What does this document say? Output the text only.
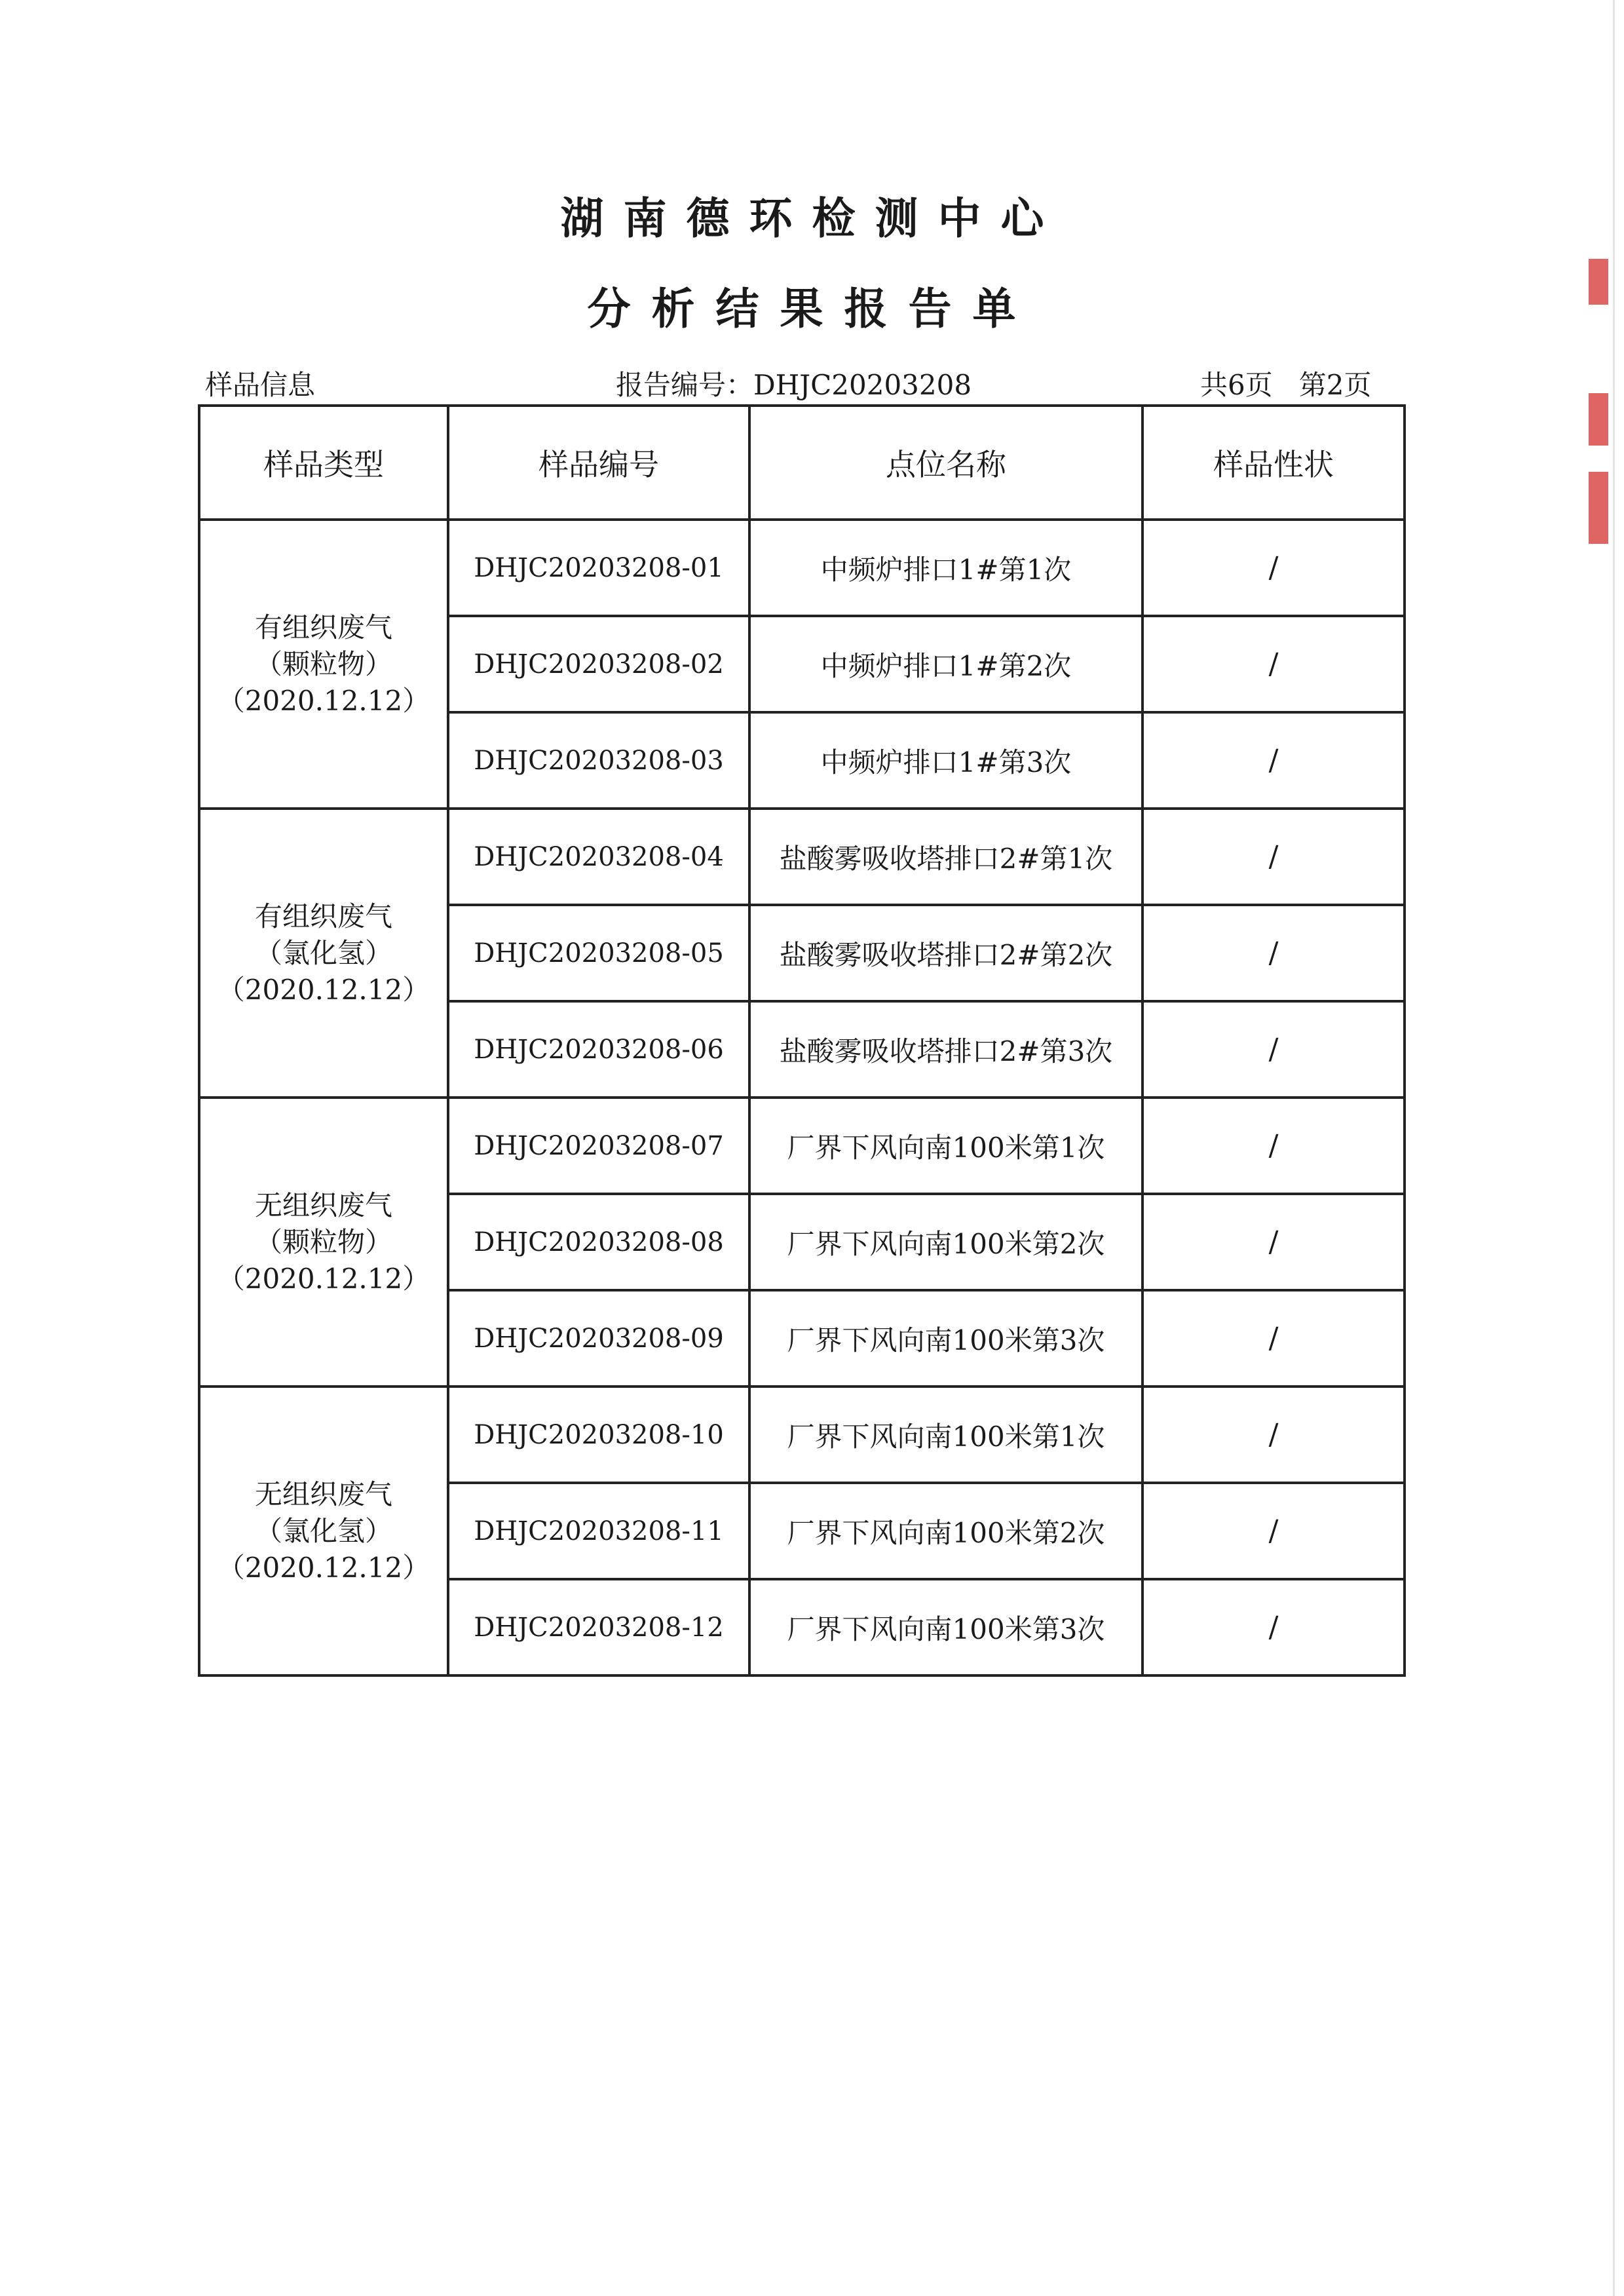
湖南德环检测中心
分析结果报告单
样品信息	报告编号：DHJC20203208	共6页 第2页
样品类型	样品编号	点位名称	样品性状

有组织废气
（颗粒物）
（2020.12.12）	DHJC20203208-01	中频炉排口1#第1次	/
	DHJC20203208-02	中频炉排口1#第2次	/
	DHJC20203208-03	中频炉排口1#第3次	/

有组织废气
（氯化氢）
（2020.12.12）	DHJC20203208-04	盐酸雾吸收塔排口2#第1次	/
	DHJC20203208-05	盐酸雾吸收塔排口2#第2次	/
	DHJC20203208-06	盐酸雾吸收塔排口2#第3次	/

无组织废气
（颗粒物）
（2020.12.12）	DHJC20203208-07	厂界下风向南100米第1次	/
	DHJC20203208-08	厂界下风向南100米第2次	/
	DHJC20203208-09	厂界下风向南100米第3次	/

无组织废气
（氯化氢）
（2020.12.12）	DHJC20203208-10	厂界下风向南100米第1次	/
	DHJC20203208-11	厂界下风向南100米第2次	/
	DHJC20203208-12	厂界下风向南100米第3次	/
